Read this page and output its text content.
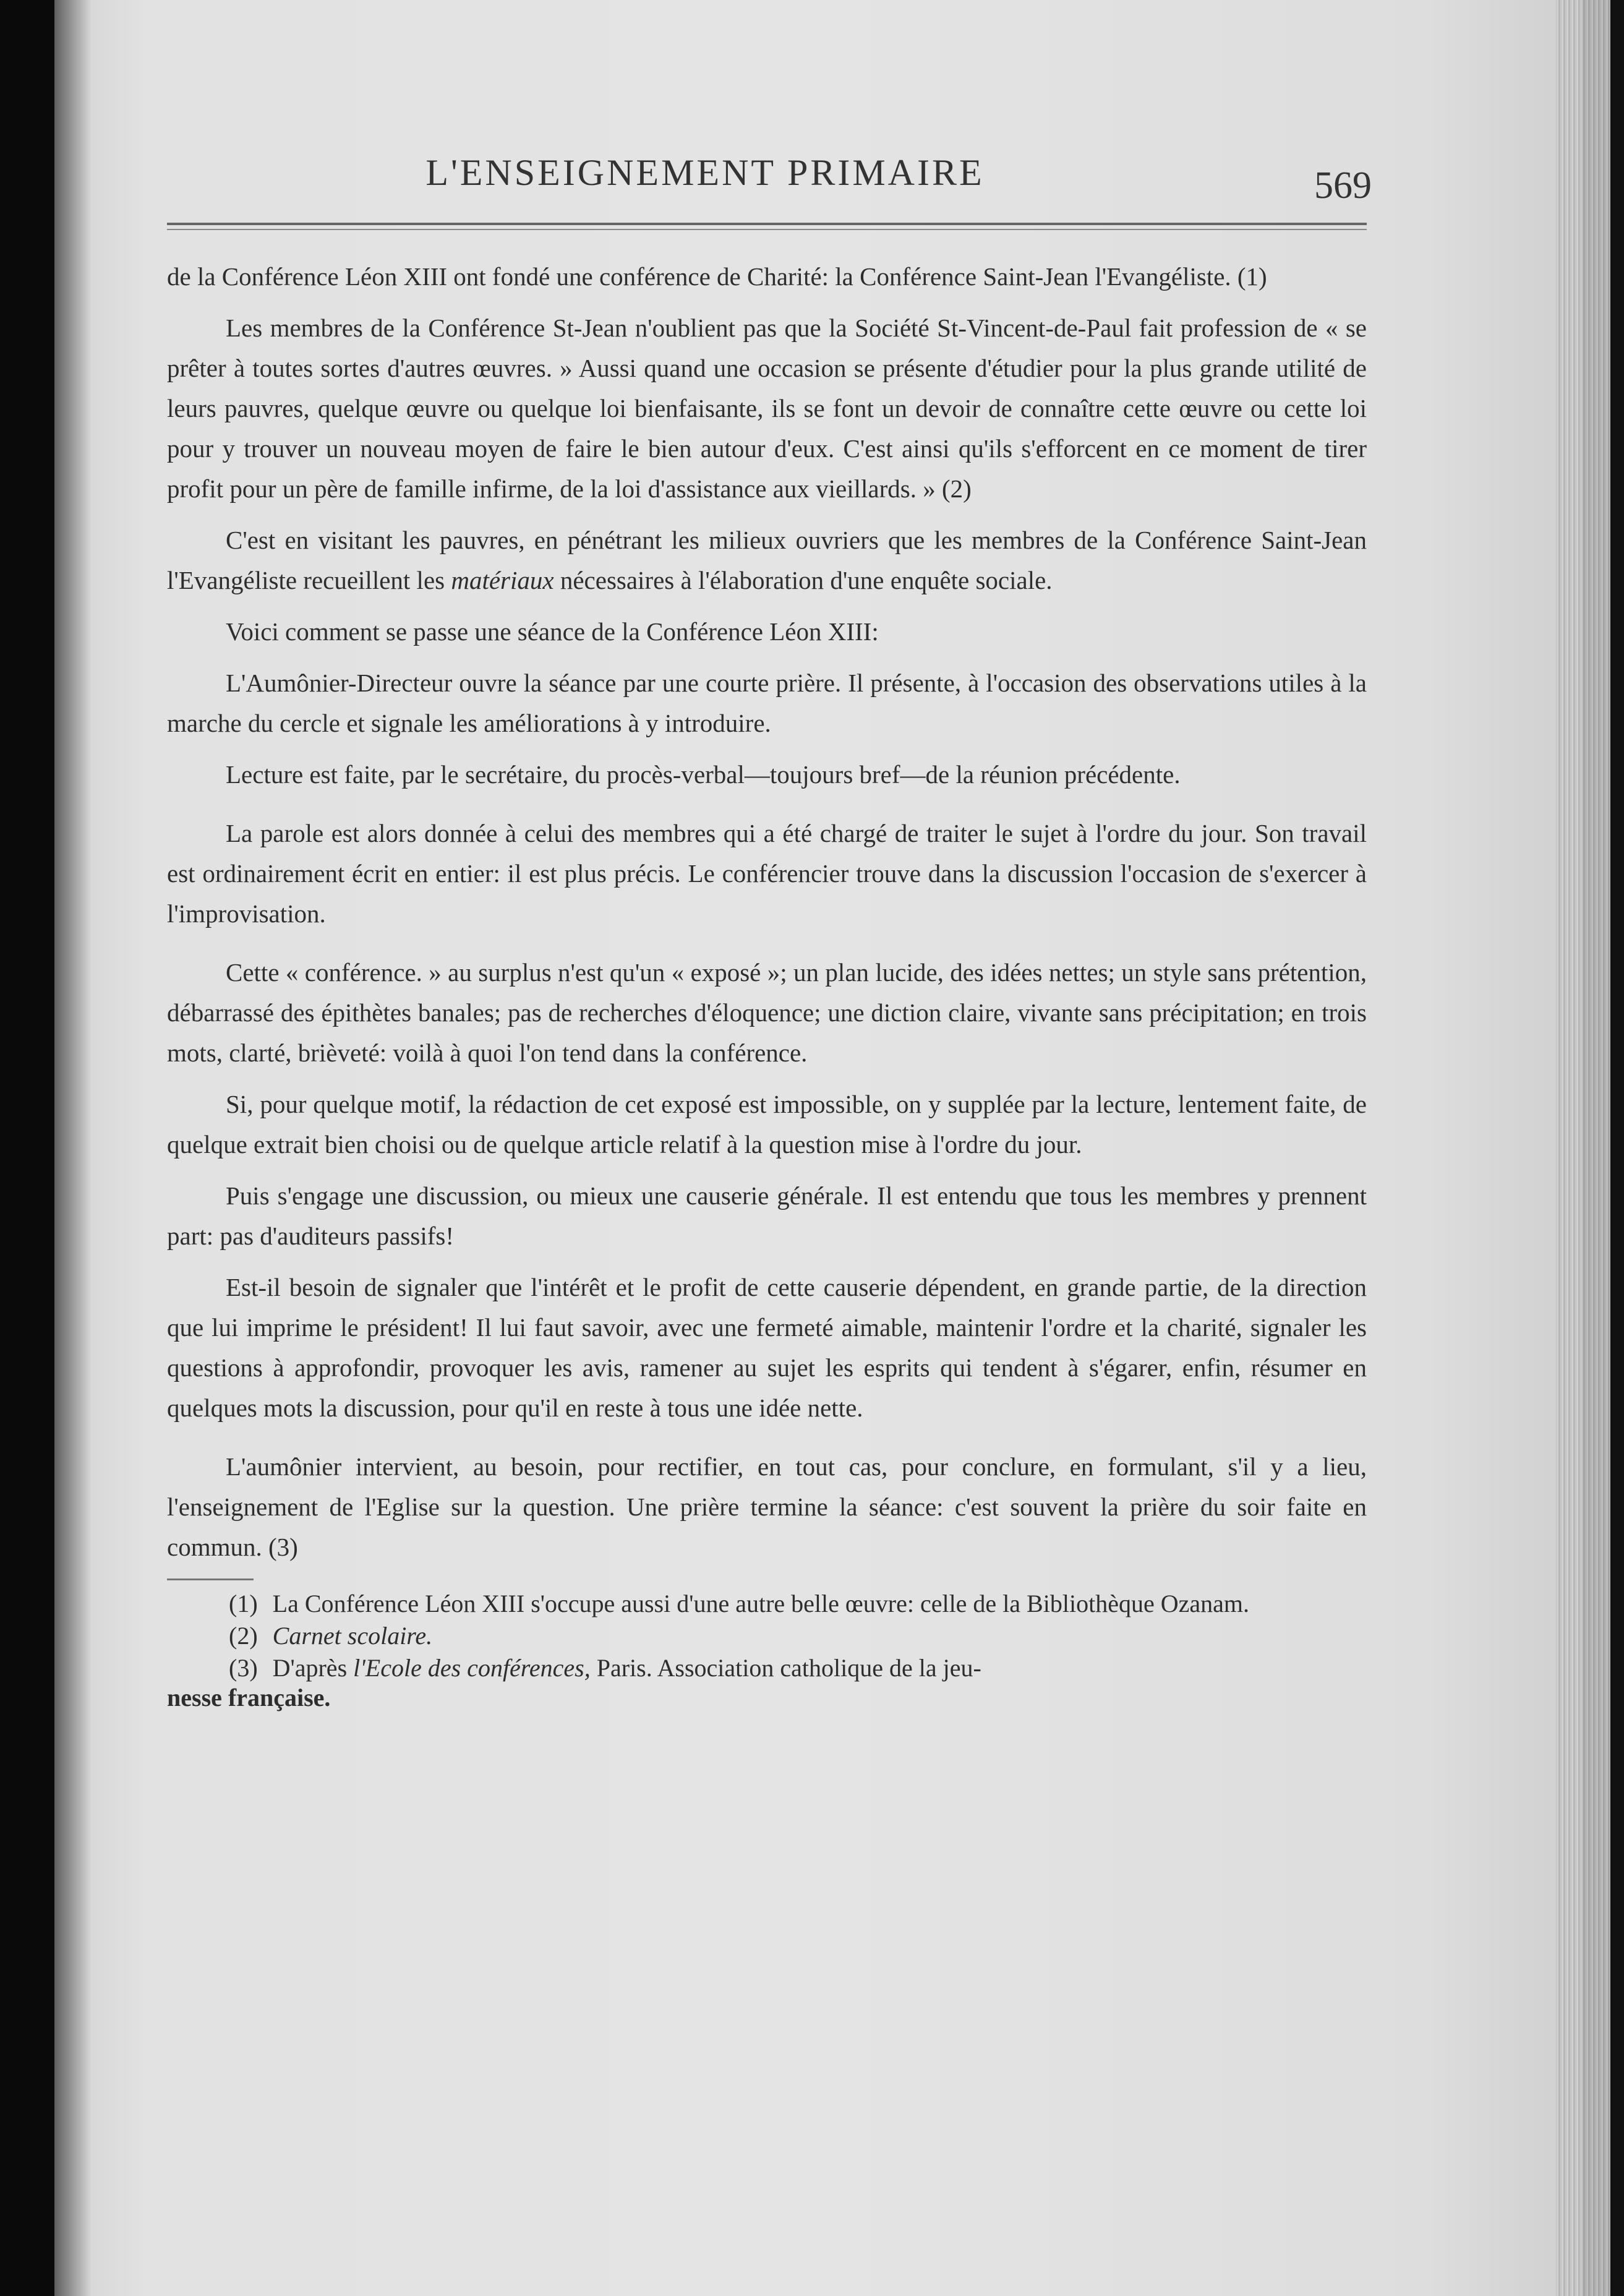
L'ENSEIGNEMENT PRIMAIRE	569

de la Conférence Léon XIII ont fondé une conférence de Charité: la Conférence Saint-Jean l'Evangéliste. (1)

Les membres de la Conférence St-Jean n'oublient pas que la Société St-Vincent-de-Paul fait profession de « se prêter à toutes sortes d'autres œuvres. » Aussi quand une occasion se présente d'étudier pour la plus grande utilité de leurs pauvres, quelque œuvre ou quelque loi bienfaisante, ils se font un devoir de connaître cette œuvre ou cette loi pour y trouver un nouveau moyen de faire le bien autour d'eux. C'est ainsi qu'ils s'efforcent en ce moment de tirer profit pour un père de famille infirme, de la loi d'assistance aux vieillards. » (2)

C'est en visitant les pauvres, en pénétrant les milieux ouvriers que les membres de la Conférence Saint-Jean l'Evangéliste recueillent les matériaux nécessaires à l'élaboration d'une enquête sociale.

Voici comment se passe une séance de la Conférence Léon XIII:

L'Aumônier-Directeur ouvre la séance par une courte prière. Il présente, à l'occasion des observations utiles à la marche du cercle et signale les améliorations à y introduire.

Lecture est faite, par le secrétaire, du procès-verbal—toujours bref—de la réunion précédente.

La parole est alors donnée à celui des membres qui a été chargé de traiter le sujet à l'ordre du jour. Son travail est ordinairement écrit en entier: il est plus précis. Le conférencier trouve dans la discussion l'occasion de s'exercer à l'improvisation.

Cette « conférence. » au surplus n'est qu'un « exposé »; un plan lucide, des idées nettes; un style sans prétention, débarrassé des épithètes banales; pas de recherches d'éloquence; une diction claire, vivante sans précipitation; en trois mots, clarté, brièveté: voilà à quoi l'on tend dans la conférence.

Si, pour quelque motif, la rédaction de cet exposé est impossible, on y supplée par la lecture, lentement faite, de quelque extrait bien choisi ou de quelque article relatif à la question mise à l'ordre du jour.

Puis s'engage une discussion, ou mieux une causerie générale. Il est entendu que tous les membres y prennent part: pas d'auditeurs passifs!

Est-il besoin de signaler que l'intérêt et le profit de cette causerie dépendent, en grande partie, de la direction que lui imprime le président! Il lui faut savoir, avec une fermeté aimable, maintenir l'ordre et la charité, signaler les questions à approfondir, provoquer les avis, ramener au sujet les esprits qui tendent à s'égarer, enfin, résumer en quelques mots la discussion, pour qu'il en reste à tous une idée nette.

L'aumônier intervient, au besoin, pour rectifier, en tout cas, pour conclure, en formulant, s'il y a lieu, l'enseignement de l'Eglise sur la question. Une prière termine la séance: c'est souvent la prière du soir faite en commun. (3)

(1) La Conférence Léon XIII s'occupe aussi d'une autre belle œuvre: celle de la Bibliothèque Ozanam.

(2) Carnet scolaire.

(3) D'après l'Ecole des conférences, Paris. Association catholique de la jeu-
nesse française.
